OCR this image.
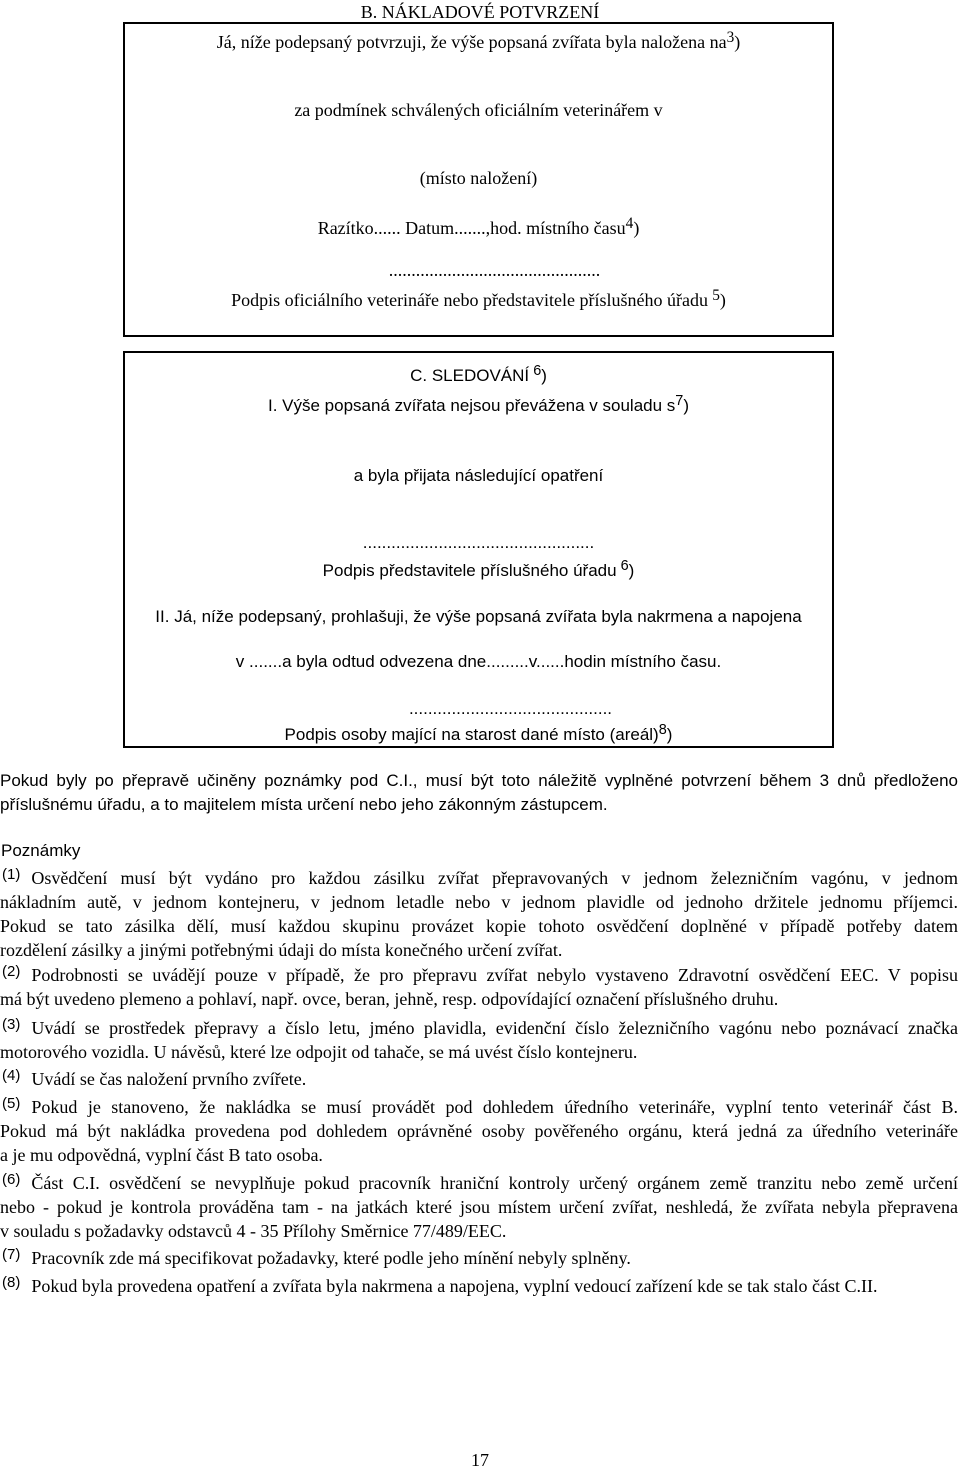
B. NÁKLADOVÉ POTVRZENÍ
Já, níže podepsaný potvrzuji, že výše popsaná zvířata byla naložena na3)
za podmínek schválených oficiálním veterinářem v
(místo naložení)
Razítko...... Datum.......,hod. místního času4)
...............................................
Podpis oficiálního veterináře nebo představitele příslušného úřadu 5)
C. SLEDOVÁNÍ $^6$)
I. Výše popsaná zvířata nejsou převážena v souladu $s^7$)
a byla přijata následující opatření
.................................................
Podpis představitele příslušného úřadu $^6$)
II. Já, níže podepsaný, prohlašuji, že výše popsaná zvířata byla nakrmena a napojena
v .......a byla odtud odvezena dne.........v......hodin místního času.
...........................................
Podpis osoby mající na starost dané místo (areál)$^8$)
Pokud byly po přepravě učiněny poznámky pod C.I., musí být toto náležitě vyplněné potvrzení během 3 dnů předloženo
příslušnému úřadu, a to majitelem místa určení nebo jeho zákonným zástupcem.
Poznámky
$^{(1)}$ Osvědčení musí být vydáno pro každou zásilku zvířat přepravovaných v jednom železničním vagónu, v jednom
nákladním autě, v jednom kontejneru, v jednom letadle nebo v jednom plavidle od jednoho držitele jednomu příjemci.
Pokud se tato zásilka dělí, musí každou skupinu provázet kopie tohoto osvědčení doplněné v případě potřeby datem
rozdělení zásilky a jinými potřebnými údaji do místa konečného určení zvířat.
$^{(2)}$ Podrobnosti se uvádějí pouze v případě, že pro přepravu zvířat nebylo vystaveno Zdravotní osvědčení EEC. V popisu
má být uvedeno plemeno a pohlaví, např. ovce, beran, jehně, resp. odpovídající označení příslušného druhu.
$^{(3)}$ Uvádí se prostředek přepravy a číslo letu, jméno plavidla, evidenční číslo železničního vagónu nebo poznávací značka
motorového vozidla. U návěsů, které lze odpojit od tahače, se má uvést číslo kontejneru.
$^{(4)}$ Uvádí se čas naložení prvního zvířete.
$^{(5)}$ Pokud je stanoveno, že nakládka se musí provádět pod dohledem úředního veterináře, vyplní tento veterinář část B.
Pokud má být nakládka provedena pod dohledem oprávněné osoby pověřeného orgánu, která jedná za úředního veterináře
a je mu odpovědná, vyplní část B tato osoba.
$^{(6)}$ Část C.I. osvědčení se nevyplňuje pokud pracovník hraniční kontroly určený orgánem země tranzitu nebo země určení
nebo - pokud je kontrola prováděna tam - na jatkách které jsou místem určení zvířat, neshledá, že zvířata nebyla přepravena
v souladu s požadavky odstavců 4 - 35 Přílohy Směrnice 77/489/EEC.
$^{(7)}$ Pracovník zde má specifikovat požadavky, které podle jeho mínění nebyly splněny.
$^{(8)}$ Pokud byla provedena opatření a zvířata byla nakrmena a napojena, vyplní vedoucí zařízení kde se tak stalo část C.II.
17
